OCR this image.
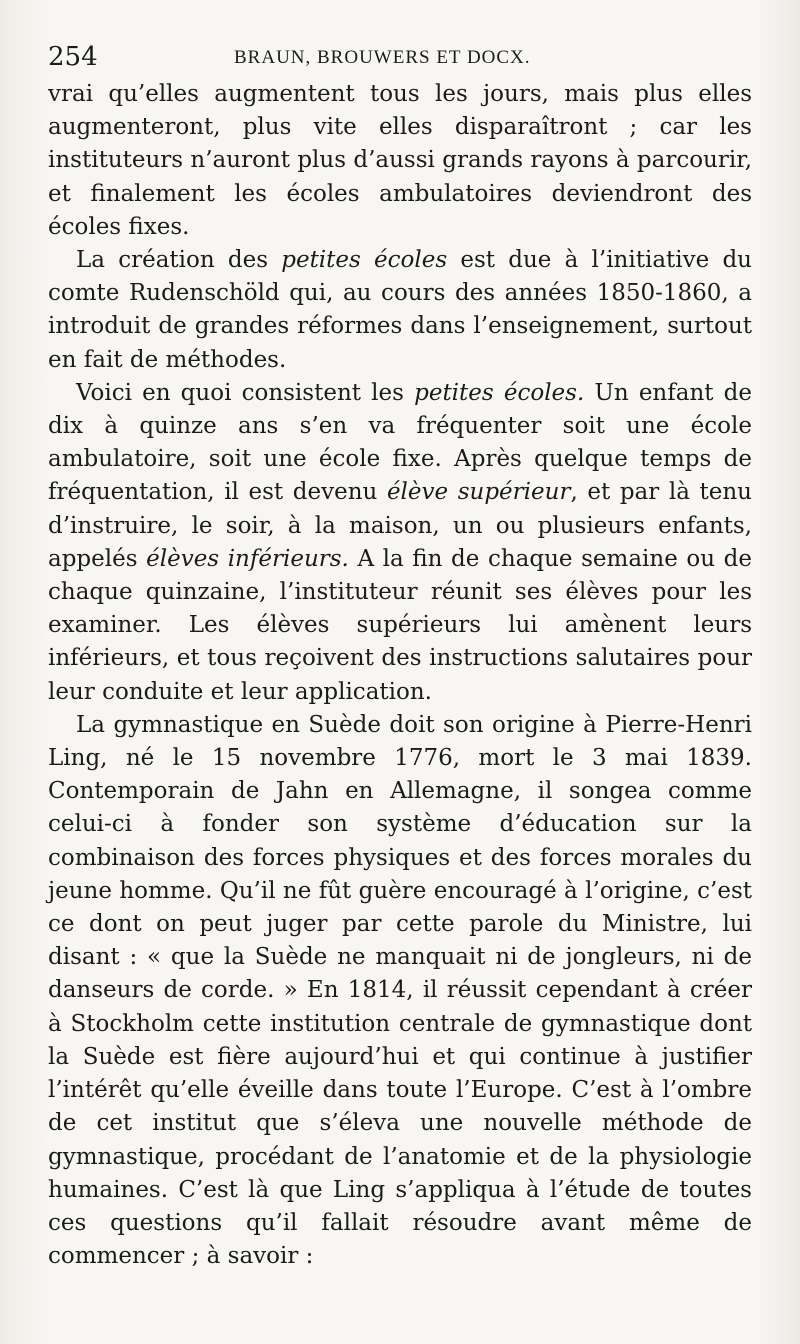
254	BRAUN, BROUWERS ET DOCX.

vrai qu’elles augmentent tous les jours, mais plus elles augmenteront, plus vite elles disparaîtront ; car les instituteurs n’auront plus d’aussi grands rayons à parcourir, et finalement les écoles ambulatoires deviendront des écoles fixes.

La création des petites écoles est due à l’initiative du comte Rudenschöld qui, au cours des années 1850-1860, a introduit de grandes réformes dans l’enseignement, surtout en fait de méthodes.

Voici en quoi consistent les petites écoles. Un enfant de dix à quinze ans s’en va fréquenter soit une école ambulatoire, soit une école fixe. Après quelque temps de fréquentation, il est devenu élève supérieur, et par là tenu d’instruire, le soir, à la maison, un ou plusieurs enfants, appelés élèves inférieurs. A la fin de chaque semaine ou de chaque quinzaine, l’instituteur réunit ses élèves pour les examiner. Les élèves supérieurs lui amènent leurs inférieurs, et tous reçoivent des instructions salutaires pour leur conduite et leur application.

La gymnastique en Suède doit son origine à Pierre-Henri Ling, né le 15 novembre 1776, mort le 3 mai 1839. Contemporain de Jahn en Allemagne, il songea comme celui-ci à fonder son système d’éducation sur la combinaison des forces physiques et des forces morales du jeune homme. Qu’il ne fût guère encouragé à l’origine, c’est ce dont on peut juger par cette parole du Ministre, lui disant : « que la Suède ne manquait ni de jongleurs, ni de danseurs de corde. » En 1814, il réussit cependant à créer à Stockholm cette institution centrale de gymnastique dont la Suède est fière aujourd’hui et qui continue à justifier l’intérêt qu’elle éveille dans toute l’Europe. C’est à l’ombre de cet institut que s’éleva une nouvelle méthode de gymnastique, procédant de l’anatomie et de la physiologie humaines. C’est là que Ling s’appliqua à l’étude de toutes ces questions qu’il fallait résoudre avant même de commencer ; à savoir :
